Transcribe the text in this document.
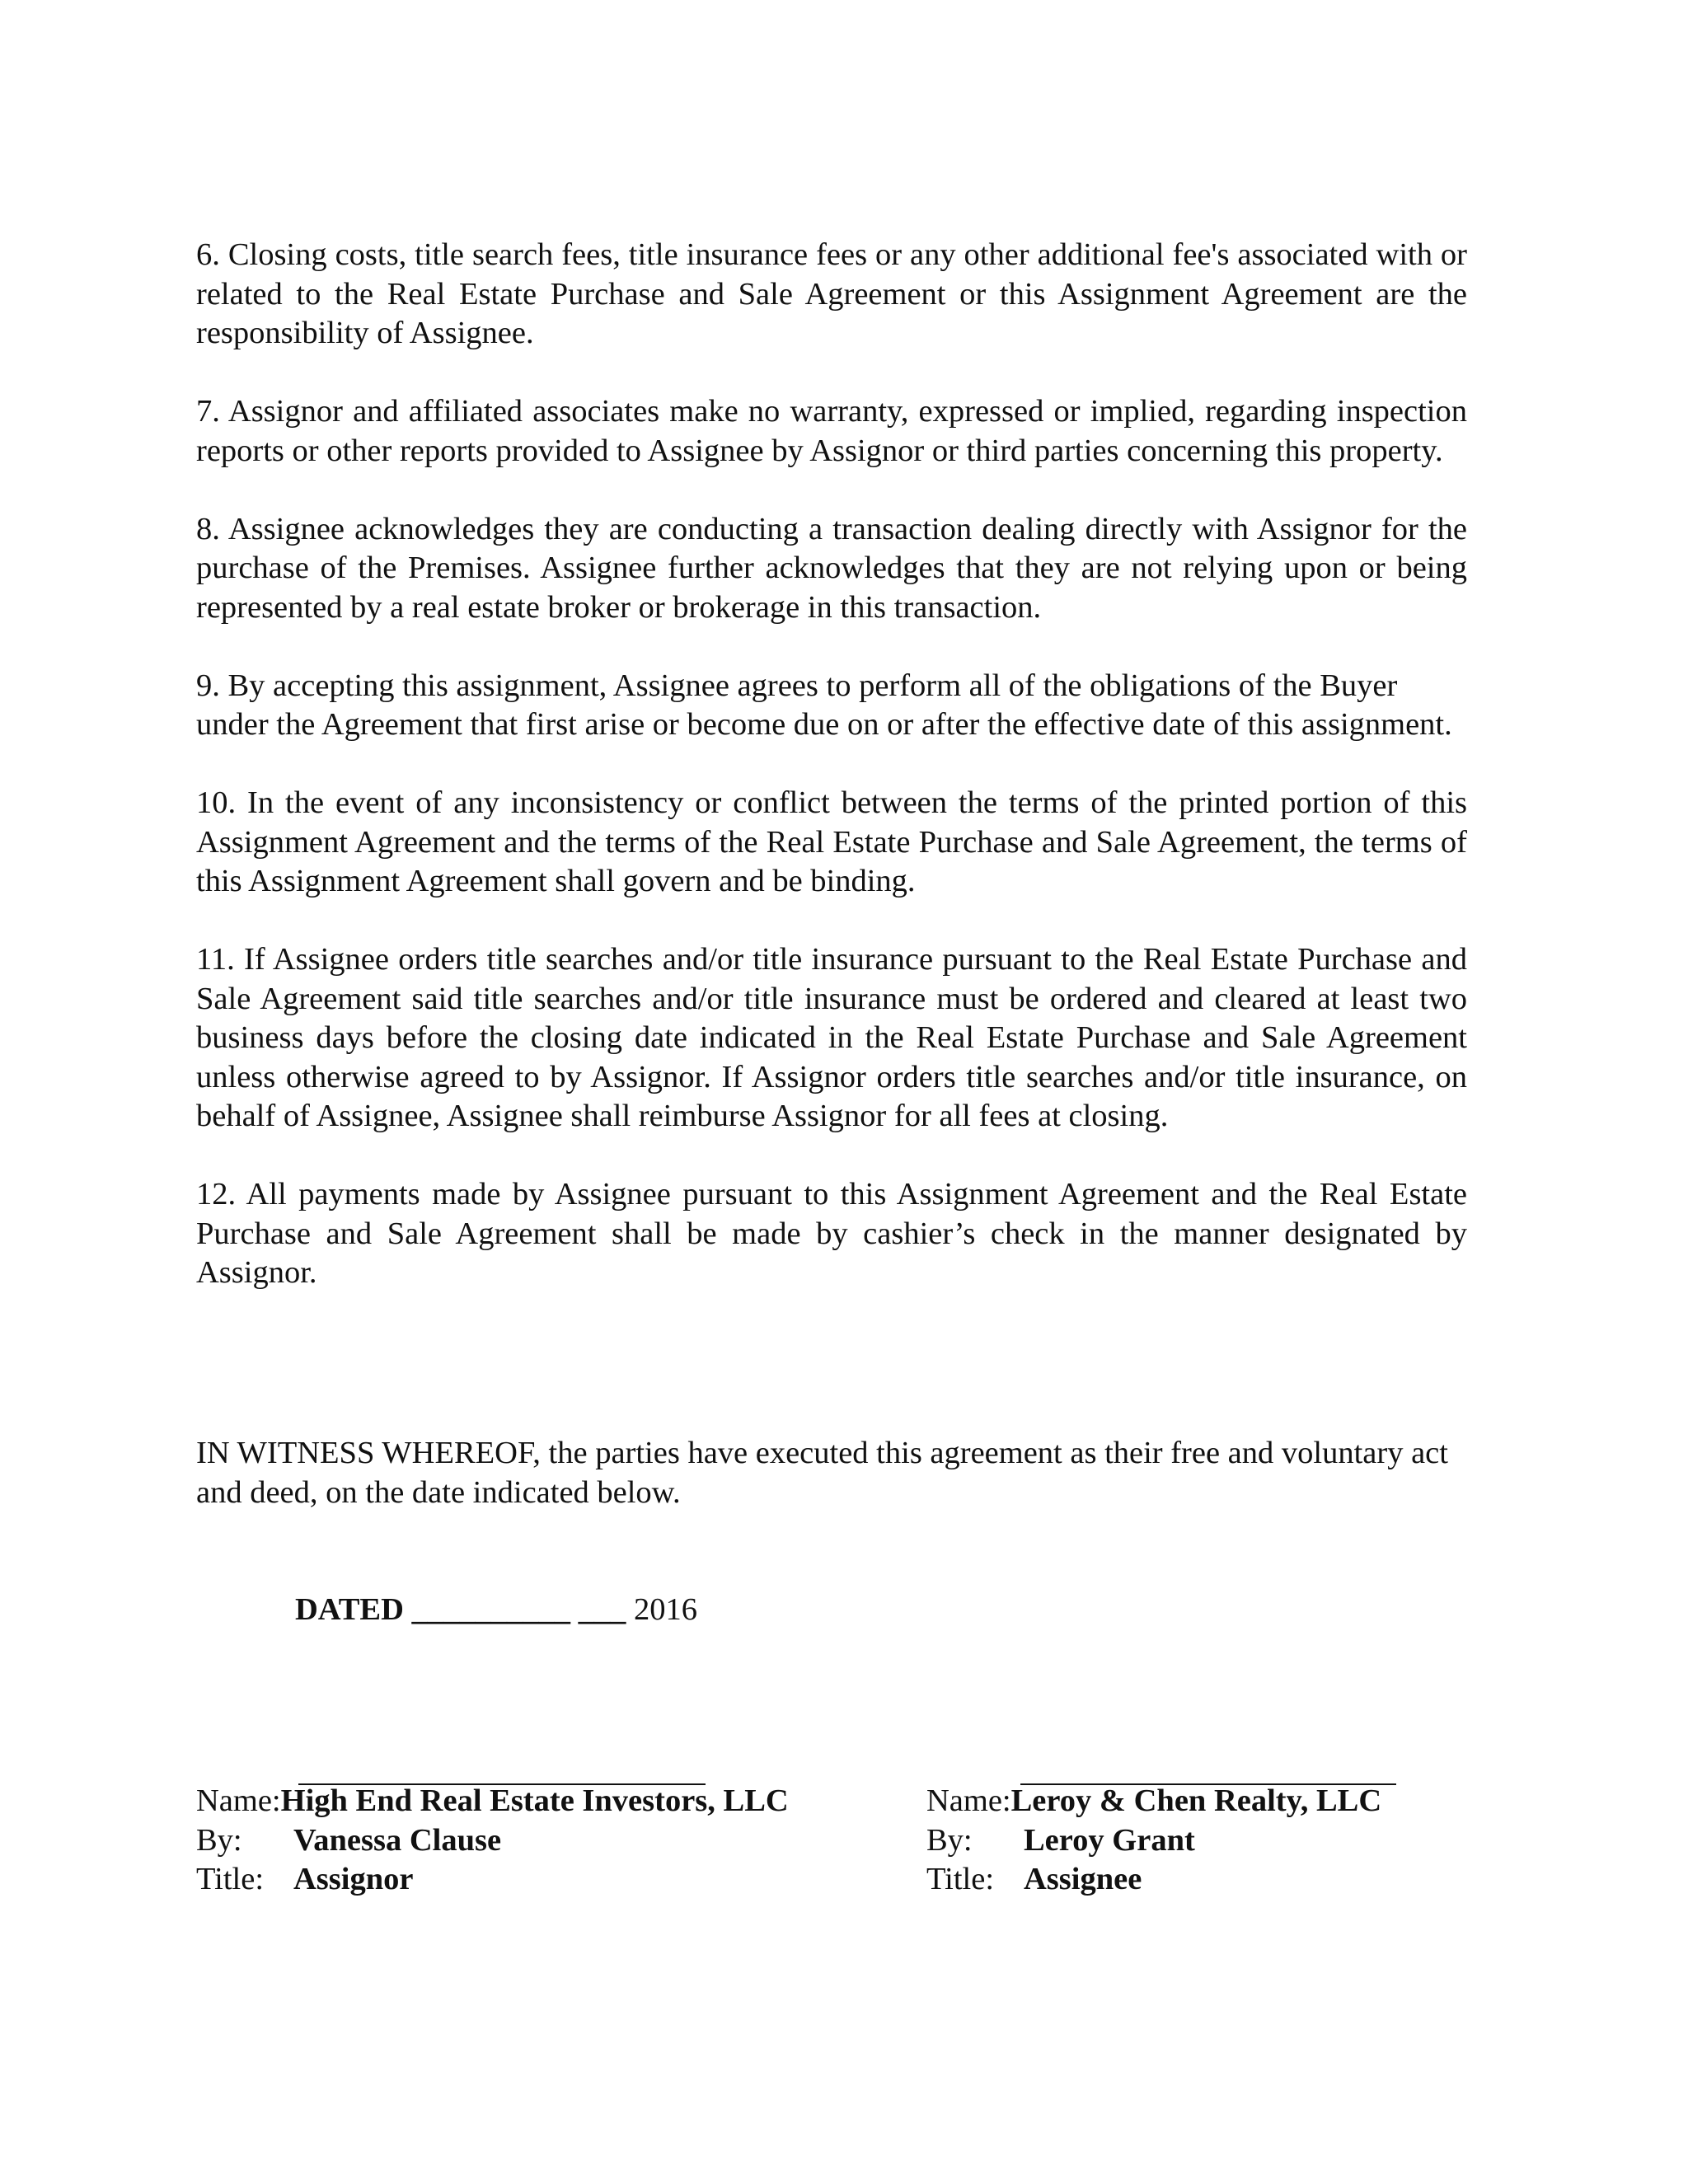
6. Closing costs, title search fees, title insurance fees or any other additional fee's associated with or related to the Real Estate Purchase and Sale Agreement or this Assignment Agreement are the responsibility of Assignee.

7. Assignor and affiliated associates make no warranty, expressed or implied, regarding inspection reports or other reports provided to Assignee by Assignor or third parties concerning this property.

8. Assignee acknowledges they are conducting a transaction dealing directly with Assignor for the purchase of the Premises. Assignee further acknowledges that they are not relying upon or being represented by a real estate broker or brokerage in this transaction.

9. By accepting this assignment, Assignee agrees to perform all of the obligations of the Buyer under the Agreement that first arise or become due on or after the effective date of this assignment.

10. In the event of any inconsistency or conflict between the terms of the printed portion of this Assignment Agreement and the terms of the Real Estate Purchase and Sale Agreement, the terms of this Assignment Agreement shall govern and be binding.

11. If Assignee orders title searches and/or title insurance pursuant to the Real Estate Purchase and Sale Agreement said title searches and/or title insurance must be ordered and cleared at least two business days before the closing date indicated in the Real Estate Purchase and Sale Agreement unless otherwise agreed to by Assignor. If Assignor orders title searches and/or title insurance, on behalf of Assignee, Assignee shall reimburse Assignor for all fees at closing.

12. All payments made by Assignee pursuant to this Assignment Agreement and the Real Estate Purchase and Sale Agreement shall be made by cashier’s check in the manner designated by Assignor.

IN WITNESS WHEREOF, the parties have executed this agreement as their free and voluntary act and deed, on the date indicated below.

DATED __________ ___ 2016
Name:High End Real Estate Investors, LLC
By: Vanessa Clause
Title: Assignor
Name:Leroy & Chen Realty, LLC
By: Leroy Grant
Title: Assignee
